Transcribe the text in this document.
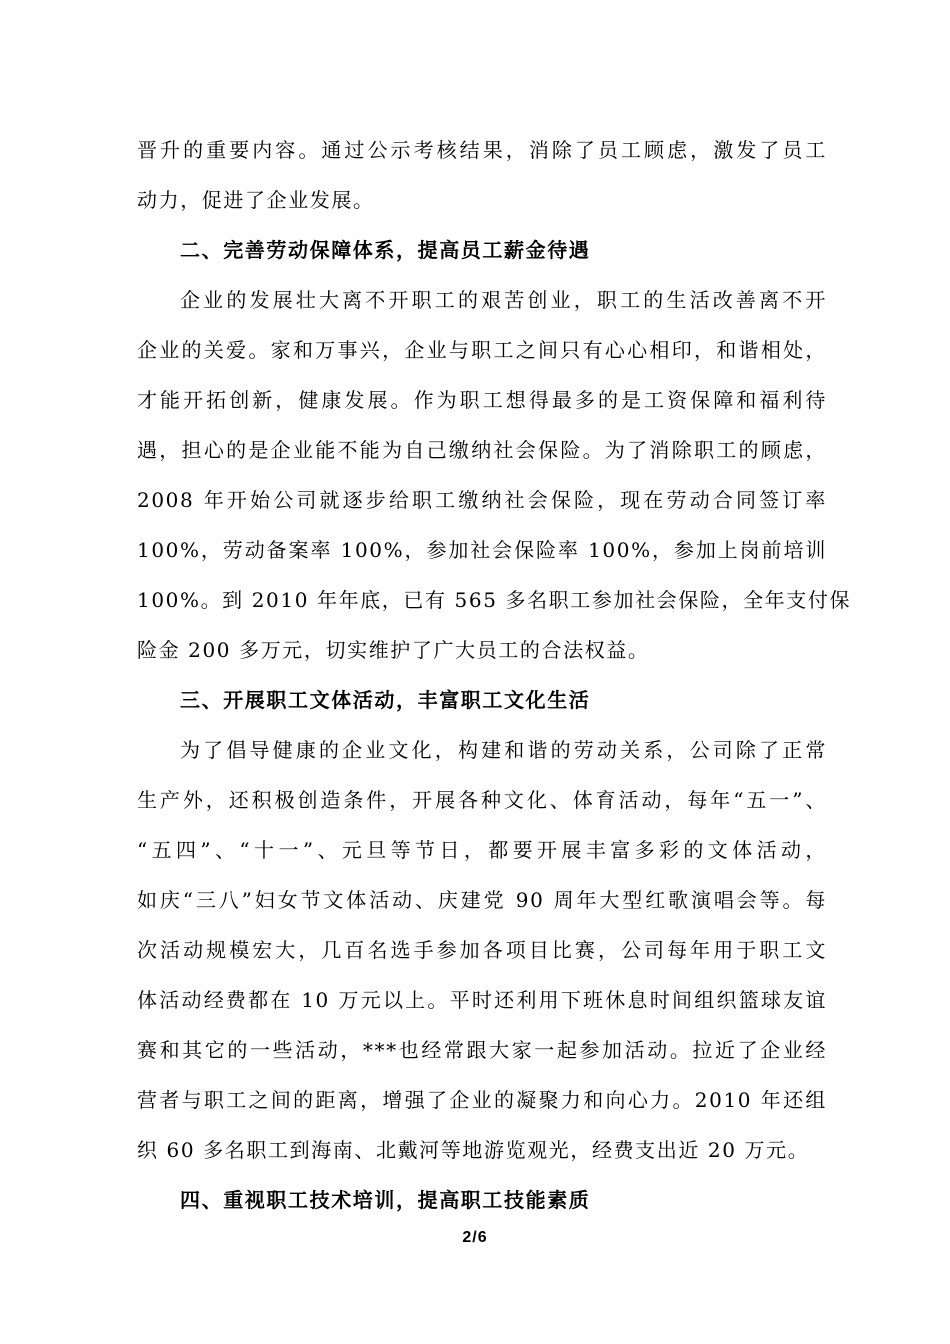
晋升的重要内容。通过公示考核结果，消除了员工顾虑，激发了员工
动力，促进了企业发展。
二、完善劳动保障体系，提高员工薪金待遇
企业的发展壮大离不开职工的艰苦创业，职工的生活改善离不开
企业的关爱。家和万事兴，企业与职工之间只有心心相印，和谐相处，
才能开拓创新，健康发展。作为职工想得最多的是工资保障和福利待
遇，担心的是企业能不能为自己缴纳社会保险。为了消除职工的顾虑，
2008 年开始公司就逐步给职工缴纳社会保险，现在劳动合同签订率
100%，劳动备案率 100%，参加社会保险率 100%，参加上岗前培训
100%。到 2010 年年底，已有 565 多名职工参加社会保险，全年支付保
险金 200 多万元，切实维护了广大员工的合法权益。
三、开展职工文体活动，丰富职工文化生活
为了倡导健康的企业文化，构建和谐的劳动关系，公司除了正常
生产外，还积极创造条件，开展各种文化、体育活动，每年“五一”、
“五四”、“十一”、元旦等节日，都要开展丰富多彩的文体活动，
如庆“三八”妇女节文体活动、庆建党 90 周年大型红歌演唱会等。每
次活动规模宏大，几百名选手参加各项目比赛，公司每年用于职工文
体活动经费都在 10 万元以上。平时还利用下班休息时间组织篮球友谊
赛和其它的一些活动，***也经常跟大家一起参加活动。拉近了企业经
营者与职工之间的距离，增强了企业的凝聚力和向心力。2010 年还组
织 60 多名职工到海南、北戴河等地游览观光，经费支出近 20 万元。
四、重视职工技术培训，提高职工技能素质
2/6
